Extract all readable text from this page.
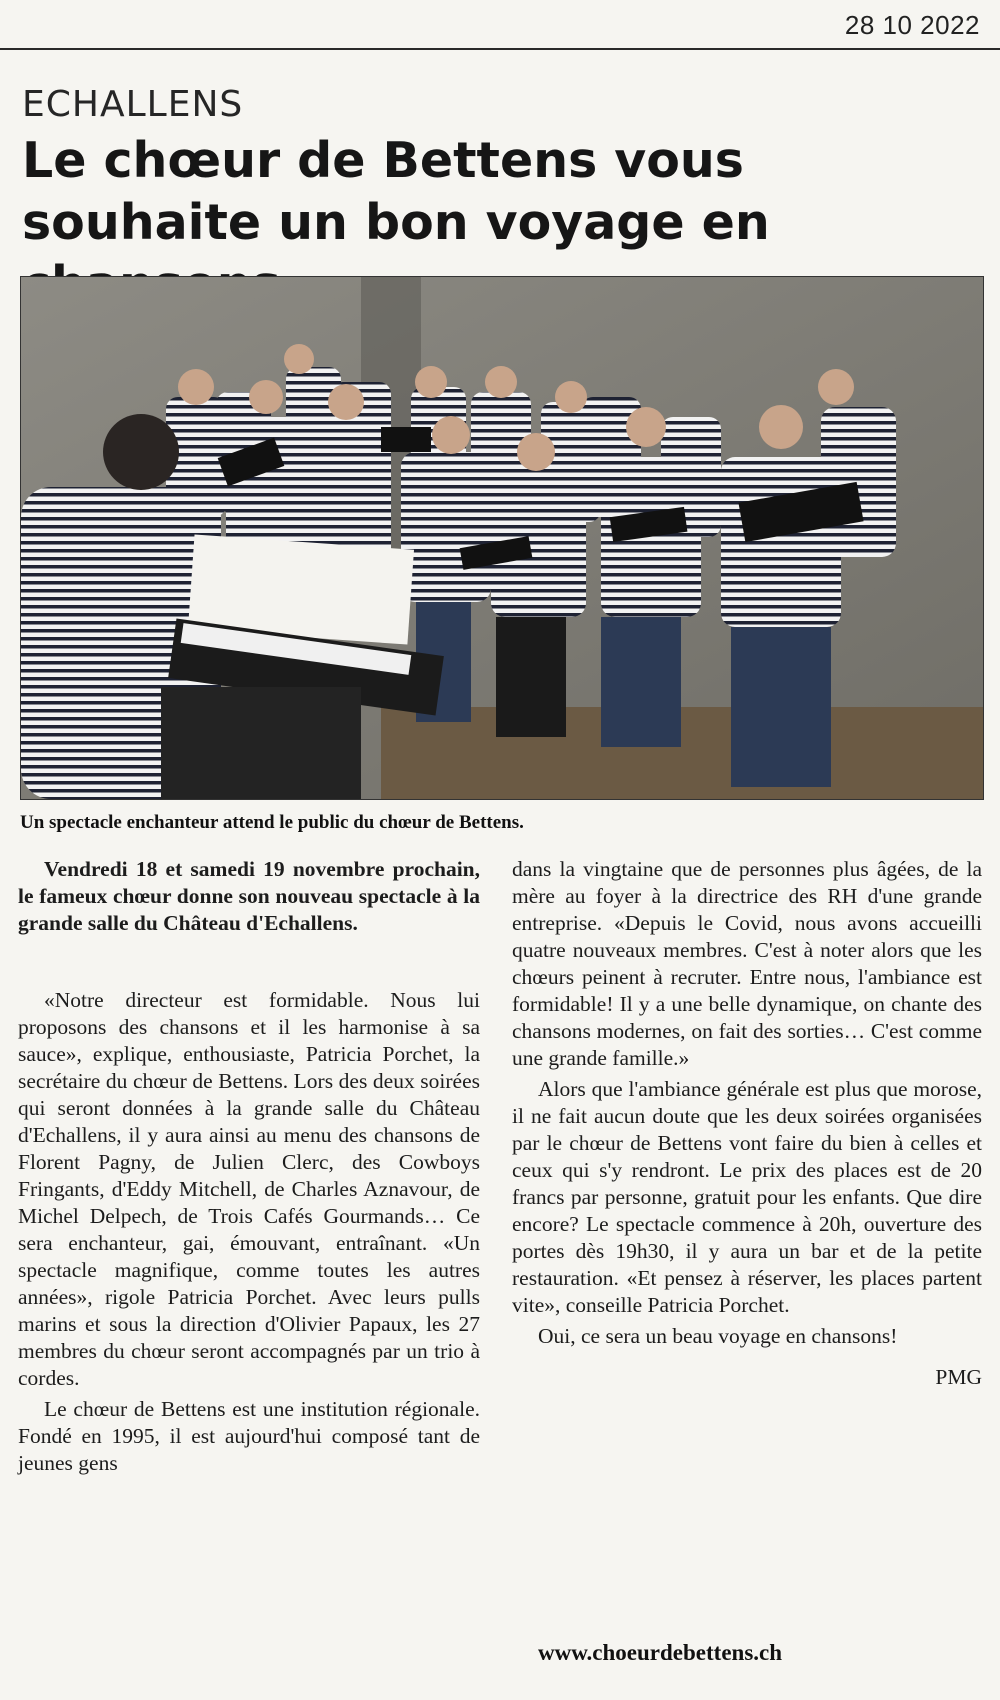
28 10 2022
ECHALLENS
Le chœur de Bettens vous souhaite un bon voyage en
Un spectacle enchanteur attend le public du chœur de Bettens.

Vendredi 18 et samedi 19 novembre prochain, le fameux chœur donne son nouveau spectacle à la grande salle du Château d'Echallens.

«Notre directeur est formidable. Nous lui proposons des chansons et il les harmonise à sa sauce», explique, enthousiaste, Patricia Porchet, la secrétaire du chœur de Bettens. Lors des deux soirées qui seront données à la grande salle du Château d'Echallens, il y aura ainsi au menu des chansons de Florent Pagny, de Julien Clerc, des Cowboys Fringants, d'Eddy Mitchell, de Charles Aznavour, de Michel Delpech, de Trois Cafés Gourmands… Ce sera enchanteur, gai, émouvant, entraînant. «Un spectacle magnifique, comme toutes les autres années», rigole Patricia Porchet. Avec leurs pulls marins et sous la direction d'Olivier Papaux, les 27 membres du chœur seront accompagnés par un trio à cordes.

Le chœur de Bettens est une institution régionale. Fondé en 1995, il est aujourd'hui composé tant de jeunes gens

dans la vingtaine que de personnes plus âgées, de la mère au foyer à la directrice des RH d'une grande entreprise. «Depuis le Covid, nous avons accueilli quatre nouveaux membres. C'est à noter alors que les chœurs peinent à recruter. Entre nous, l'ambiance est formidable! Il y a une belle dynamique, on chante des chansons modernes, on fait des sorties… C'est comme une grande famille.»

Alors que l'ambiance générale est plus que morose, il ne fait aucun doute que les deux soirées organisées par le chœur de Bettens vont faire du bien à celles et ceux qui s'y rendront. Le prix des places est de 20 francs par personne, gratuit pour les enfants. Que dire encore? Le spectacle commence à 20h, ouverture des portes dès 19h30, il y aura un bar et de la petite restauration. «Et pensez à réserver, les places partent vite», conseille Patricia Porchet.

Oui, ce sera un beau voyage en chansons!

PMG

www.choeurdebettens.ch
